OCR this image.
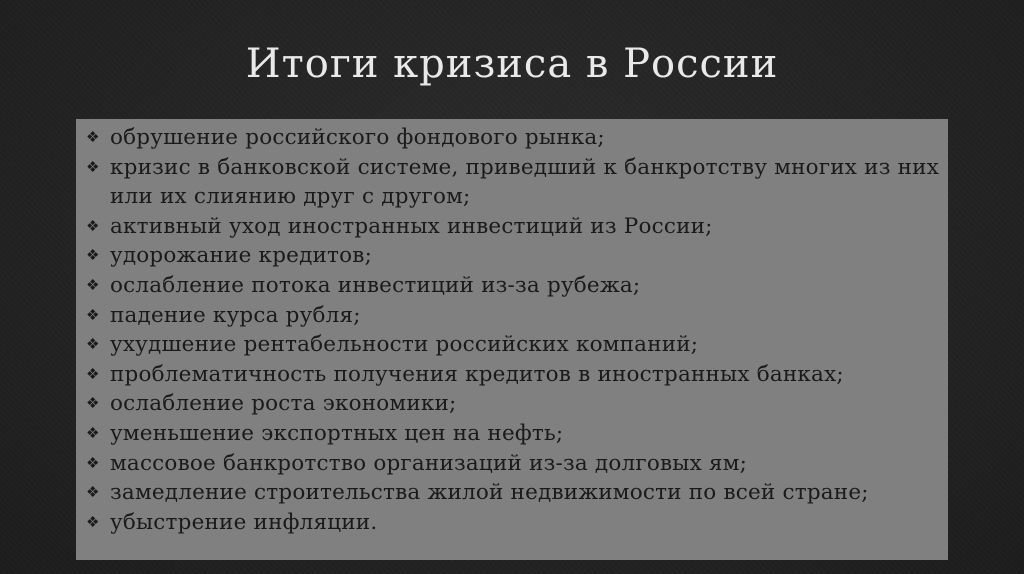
Итоги кризиса в России
❖ обрушение российского фондового рынка;
❖ кризис в банковской системе, приведший к банкротству многих из них или их слиянию друг с другом;
❖ активный уход иностранных инвестиций из России;
❖ удорожание кредитов;
❖ ослабление потока инвестиций из-за рубежа;
❖ падение курса рубля;
❖ ухудшение рентабельности российских компаний;
❖ проблематичность получения кредитов в иностранных банках;
❖ ослабление роста экономики;
❖ уменьшение экспортных цен на нефть;
❖ массовое банкротство организаций из-за долговых ям;
❖ замедление строительства жилой недвижимости по всей стране;
❖ убыстрение инфляции.
